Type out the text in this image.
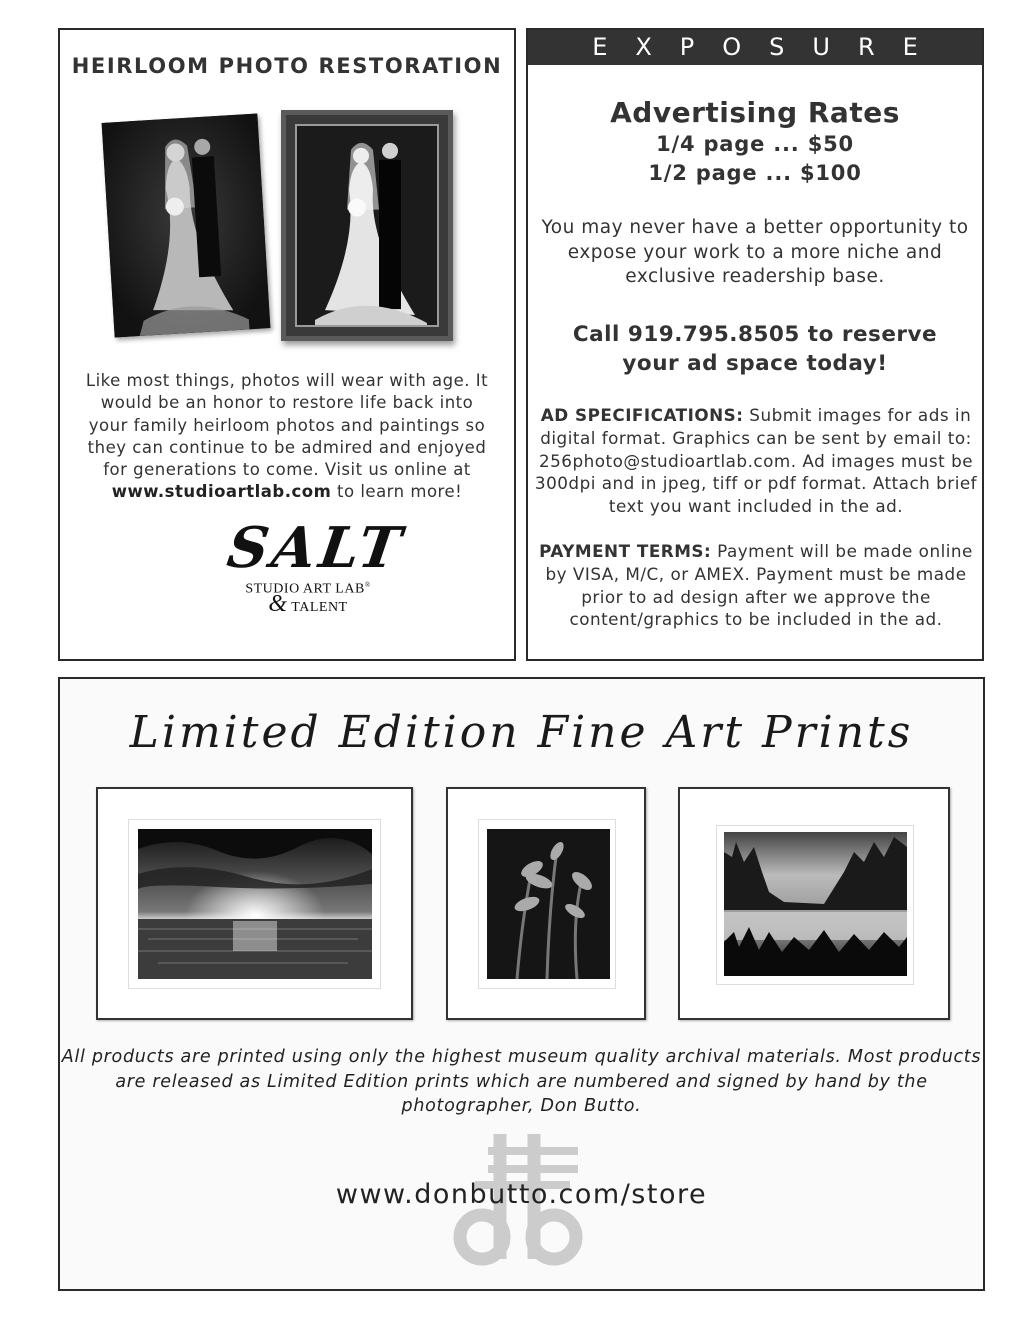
HEIRLOOM PHOTO RESTORATION
Like most things, photos will wear with age. It would be an honor to restore life back into your family heirloom photos and paintings so they can continue to be admired and enjoyed for generations to come. Visit us online at www.studioartlab.com to learn more!
SALT
STUDIO ART LAB®
& TALENT
EXPOSURE
Advertising Rates
1/4 page ... $50
1/2 page ... $100
You may never have a better opportunity to expose your work to a more niche and exclusive readership base.
Call 919.795.8505 to reserve
your ad space today!
AD SPECIFICATIONS: Submit images for ads in digital format. Graphics can be sent by email to: 256photo@studioartlab.com. Ad images must be 300dpi and in jpeg, tiff or pdf format. Attach brief text you want included in the ad.
PAYMENT TERMS: Payment will be made online by VISA, M/C, or AMEX. Payment must be made prior to ad design after we approve the content/graphics to be included in the ad.
Limited Edition Fine Art Prints
All products are printed using only the highest museum quality archival materials. Most products are released as Limited Edition prints which are numbered and signed by hand by the photographer, Don Butto.
www.donbutto.com/store
